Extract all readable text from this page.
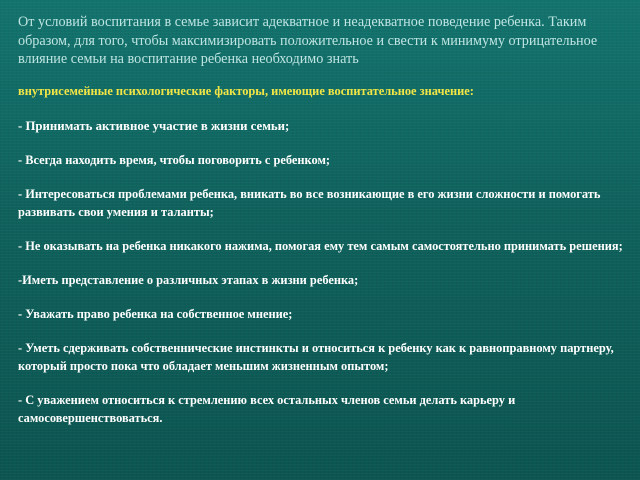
От условий воспитания в семье зависит адекватное и неадекватное поведение ребенка. Таким образом, для того, чтобы максимизировать положительное и свести к минимуму отрицательное влияние семьи на воспитание ребенка необходимо знать

внутрисемейные психологические факторы, имеющие воспитательное значение:

- Принимать активное участие в жизни семьи;
- Всегда находить время, чтобы поговорить с ребенком;
- Интересоваться проблемами ребенка, вникать во все возникающие в его жизни сложности и помогать развивать свои умения и таланты;
- Не оказывать на ребенка никакого нажима, помогая ему тем самым самостоятельно принимать решения;
-Иметь представление о различных этапах в жизни ребенка;
- Уважать право ребенка на собственное мнение;
- Уметь сдерживать собственнические инстинкты и относиться к ребенку как к равноправному партнеру, который просто пока что обладает меньшим жизненным опытом;
- С уважением относиться к стремлению всех остальных членов семьи делать карьеру и самосовершенствоваться.
